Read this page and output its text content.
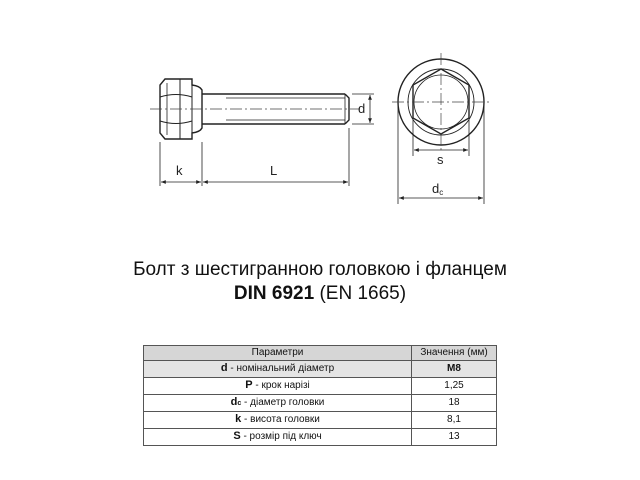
d
k	L
s
dc
Болт з шестигранною головкою і фланцем
DIN 6921 (EN 1665)
Параметри	Значення (мм)
d - номінальний діаметр	M8
P - крок нарізі	1,25
dc - діаметр головки	18
k - висота головки	8,1
S - розмір під ключ	13
